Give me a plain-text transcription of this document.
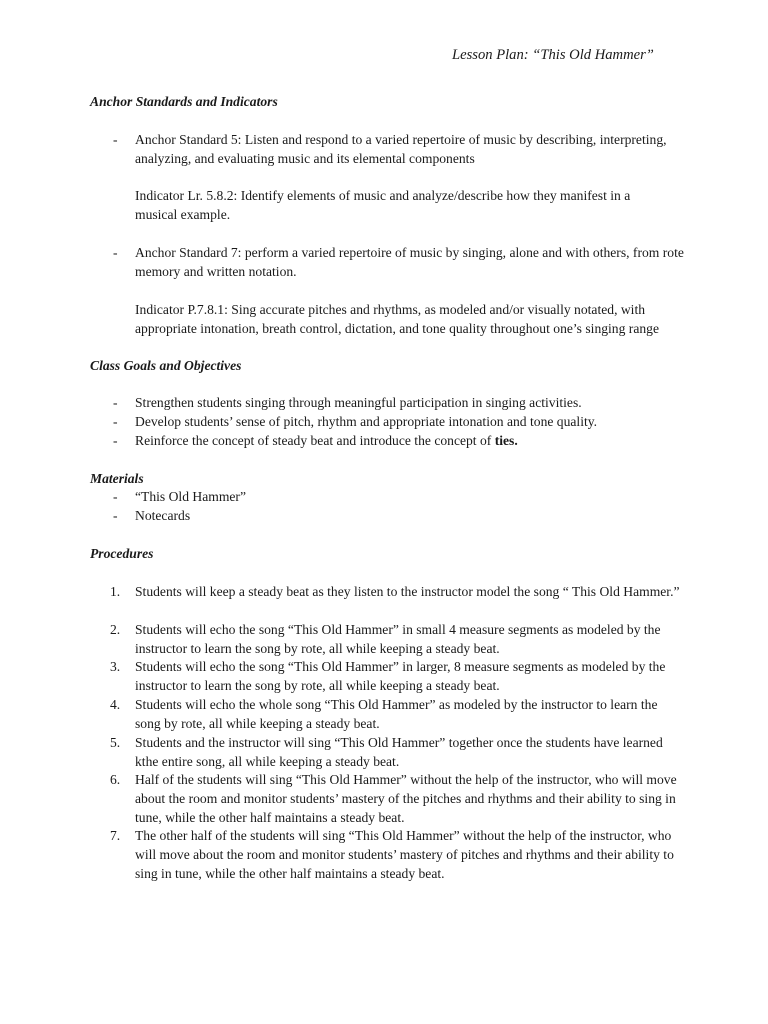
Lesson Plan: “This Old Hammer”
Anchor Standards and Indicators
-	Anchor Standard 5: Listen and respond to a varied repertoire of music by describing, interpreting, analyzing, and evaluating music and its elemental components
Indicator Lr. 5.8.2: Identify elements of music and analyze/describe how they manifest in a musical example.
-	Anchor Standard 7: perform a varied repertoire of music by singing, alone and with others, from rote memory and written notation.
Indicator P.7.8.1: Sing accurate pitches and rhythms, as modeled and/or visually notated, with appropriate intonation, breath control, dictation, and tone quality throughout one’s singing range
Class Goals and Objectives
-	Strengthen students singing through meaningful participation in singing activities.
-	Develop students’ sense of pitch, rhythm and appropriate intonation and tone quality.
-	Reinforce the concept of steady beat and introduce the concept of ties.
Materials
-	“This Old Hammer”
-	Notecards
Procedures
1.	Students will keep a steady beat as they listen to the instructor model the song “ This Old Hammer.”
2.	Students will echo the song “This Old Hammer” in small 4 measure segments as modeled by the instructor to learn the song by rote, all while keeping a steady beat.
3.	Students will echo the song “This Old Hammer” in larger, 8 measure segments as modeled by the instructor to learn the song by rote, all while keeping a steady beat.
4.	Students will echo the whole song “This Old Hammer” as modeled by the instructor to learn the song by rote, all while keeping a steady beat.
5.	Students and the instructor will sing “This Old Hammer” together once the students have learned kthe entire song, all while keeping a steady beat.
6.	Half of the students will sing “This Old Hammer” without the help of the instructor, who will move about the room and monitor students’ mastery of the pitches and rhythms and their ability to sing in tune, while the other half maintains a steady beat.
7.	The other half of the students will sing “This Old Hammer” without the help of the instructor, who will move about the room and monitor students’ mastery of pitches and rhythms and their ability to sing in tune, while the other half maintains a steady beat.
